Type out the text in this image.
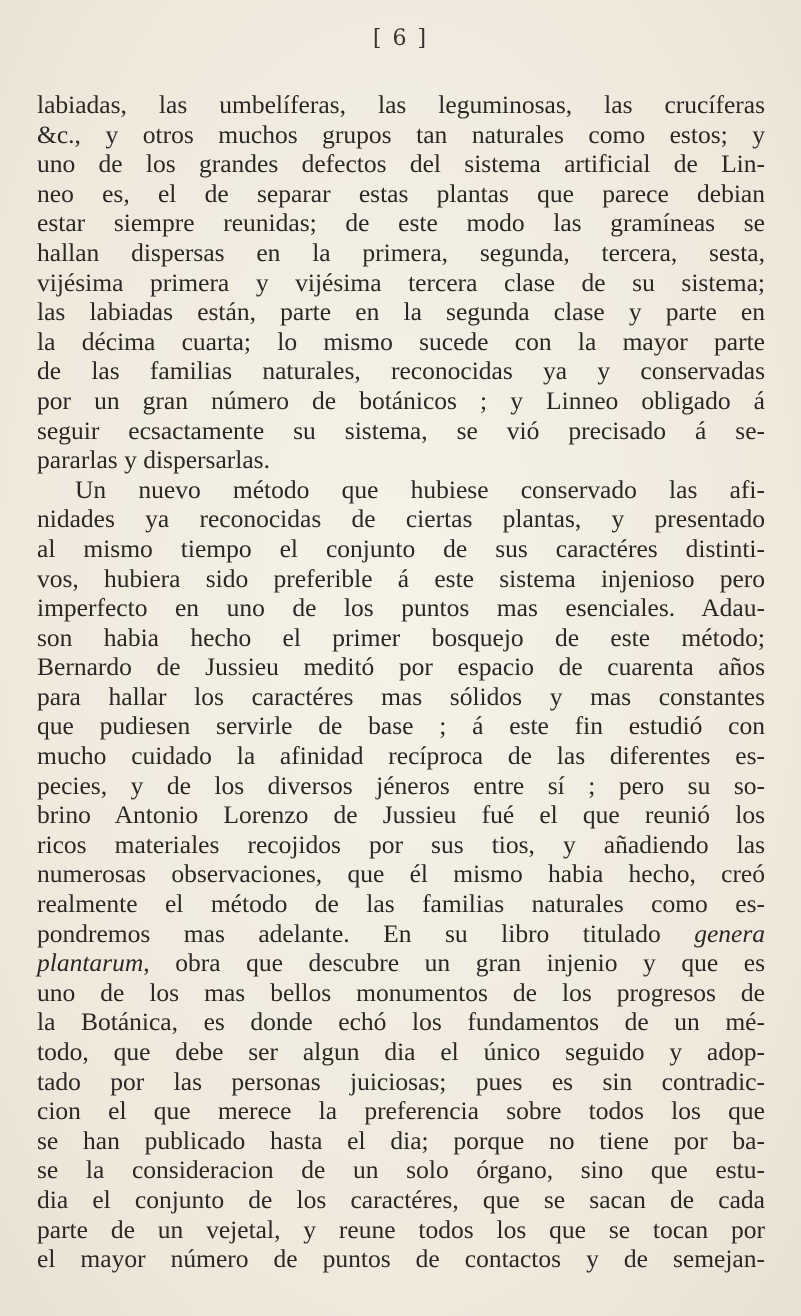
[ 6 ]
labiadas, las umbelíferas, las leguminosas, las crucíferas
&c., y otros muchos grupos tan naturales como estos; y
uno de los grandes defectos del sistema artificial de Lin-
neo es, el de separar estas plantas que parece debian
estar siempre reunidas; de este modo las gramíneas se
hallan dispersas en la primera, segunda, tercera, sesta,
vijésima primera y vijésima tercera clase de su sistema;
las labiadas están, parte en la segunda clase y parte en
la décima cuarta; lo mismo sucede con la mayor parte
de las familias naturales, reconocidas ya y conservadas
por un gran número de botánicos ; y Linneo obligado á
seguir ecsactamente su sistema, se vió precisado á se-
pararlas y dispersarlas.
Un nuevo método que hubiese conservado las afi-
nidades ya reconocidas de ciertas plantas, y presentado
al mismo tiempo el conjunto de sus caractéres distinti-
vos, hubiera sido preferible á este sistema injenioso pero
imperfecto en uno de los puntos mas esenciales. Adau-
son habia hecho el primer bosquejo de este método;
Bernardo de Jussieu meditó por espacio de cuarenta años
para hallar los caractéres mas sólidos y mas constantes
que pudiesen servirle de base ; á este fin estudió con
mucho cuidado la afinidad recíproca de las diferentes es-
pecies, y de los diversos jéneros entre sí ; pero su so-
brino Antonio Lorenzo de Jussieu fué el que reunió los
ricos materiales recojidos por sus tios, y añadiendo las
numerosas observaciones, que él mismo habia hecho, creó
realmente el método de las familias naturales como es-
pondremos mas adelante. En su libro titulado genera
plantarum, obra que descubre un gran injenio y que es
uno de los mas bellos monumentos de los progresos de
la Botánica, es donde echó los fundamentos de un mé-
todo, que debe ser algun dia el único seguido y adop-
tado por las personas juiciosas; pues es sin contradic-
cion el que merece la preferencia sobre todos los que
se han publicado hasta el dia; porque no tiene por ba-
se la consideracion de un solo órgano, sino que estu-
dia el conjunto de los caractéres, que se sacan de cada
parte de un vejetal, y reune todos los que se tocan por
el mayor número de puntos de contactos y de semejan-
